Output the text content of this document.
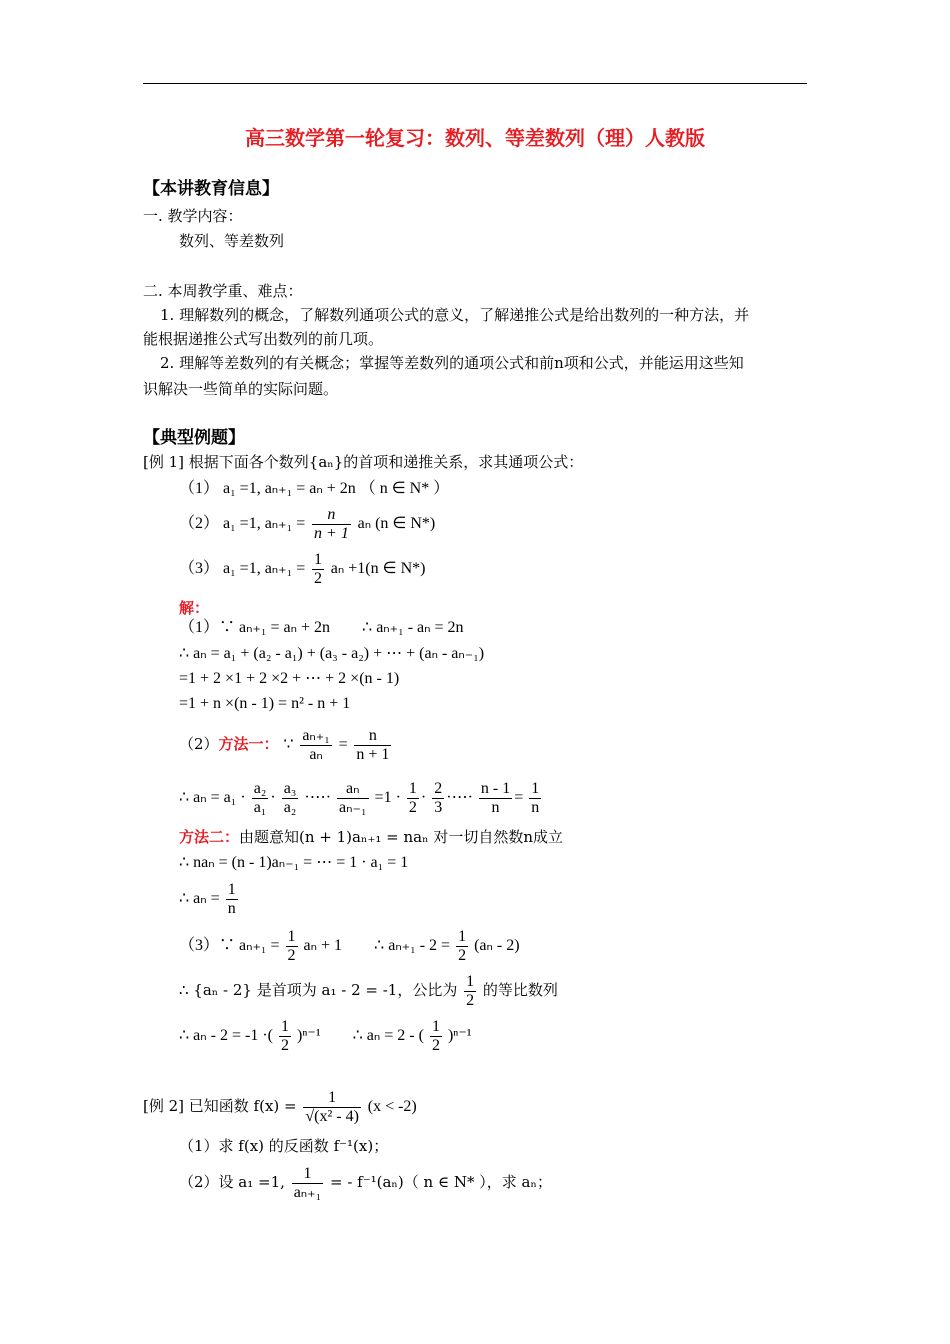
高三数学第一轮复习：数列、等差数列（理）人教版
【本讲教育信息】
一. 教学内容：
数列、等差数列
二. 本周教学重、难点：
1. 理解数列的概念，了解数列通项公式的意义，了解递推公式是给出数列的一种方法，并
能根据递推公式写出数列的前几项。
2. 理解等差数列的有关概念；掌握等差数列的通项公式和前n项和公式，并能运用这些知
识解决一些简单的实际问题。
【典型例题】
[例 1] 根据下面各个数列{aₙ}的首项和递推关系，求其通项公式：
（1） a₁ =1, aₙ₊₁ = aₙ + 2n （ n ∈ N* ）
（2） a₁ =1, $a_{n+1} = \frac{n}{n + 1}$ aₙ (n ∈ N*)
（3） a₁ =1, $a_{n+1} = \frac{1}{2}$ aₙ +1(n ∈ N*)
解：
（1）∵ aₙ₊₁ = aₙ + 2n　　∴ aₙ₊₁ - aₙ = 2n
∴ aₙ = a₁ + (a₂ - a₁) + (a₃ - a₂) + ⋯ + (aₙ - aₙ₋₁)
=1 + 2 ×1 + 2 ×2 + ⋯ + 2 ×(n - 1)
=1 + n ×(n - 1) = n² - n + 1
（2）方法一： ∵ $\frac{\text{aₙ₊₁}}{\text{aₙ}} = \frac{n}{n + 1}$
∴ $a_n = a_1 \cdot \frac{\text{a₂}}{\text{a₁}} \cdot \frac{\text{a₃}}{\text{a₂}}$ ·⋯· $\frac{\text{aₙ}}{\text{aₙ₋₁}} =1 \cdot \frac{1}{2} \cdot \frac{2}{3}$ ·⋯· $\frac{n - 1}{n} = \frac{1}{n}$
方法二：由题意知(n + 1)aₙ₊₁ = naₙ 对一切自然数n成立
∴ naₙ = (n - 1)aₙ₋₁ = ⋯ = 1 · a₁ = 1
∴ $a_n = \frac{1}{n}$
（3）∵ $a_{n+1} = \frac{1}{2}$ aₙ + 1　　∴ $a_{n+1} - 2 = \frac{1}{2} (a_n - 2)$
∴ {aₙ - 2} 是首项为 a₁ - 2 = -1，公比为 $\frac{1}{2}$ 的等比数列
∴ aₙ - 2 = -1 ·( $\frac{1}{2} )^{n-1}$　　∴ aₙ = 2 - ( $\frac{1}{2} )^{n-1}$
[例 2] 已知函数 $f(x) = \frac{1}{\text{√(x² - 4)}} (x < -2)$
（1）求 f(x) 的反函数 f⁻¹(x)；
（2）设 a₁ =1, $\frac{1}{\text{aₙ₊₁}}$ = - f⁻¹(aₙ)（ n ∈ N* ），求 aₙ；
